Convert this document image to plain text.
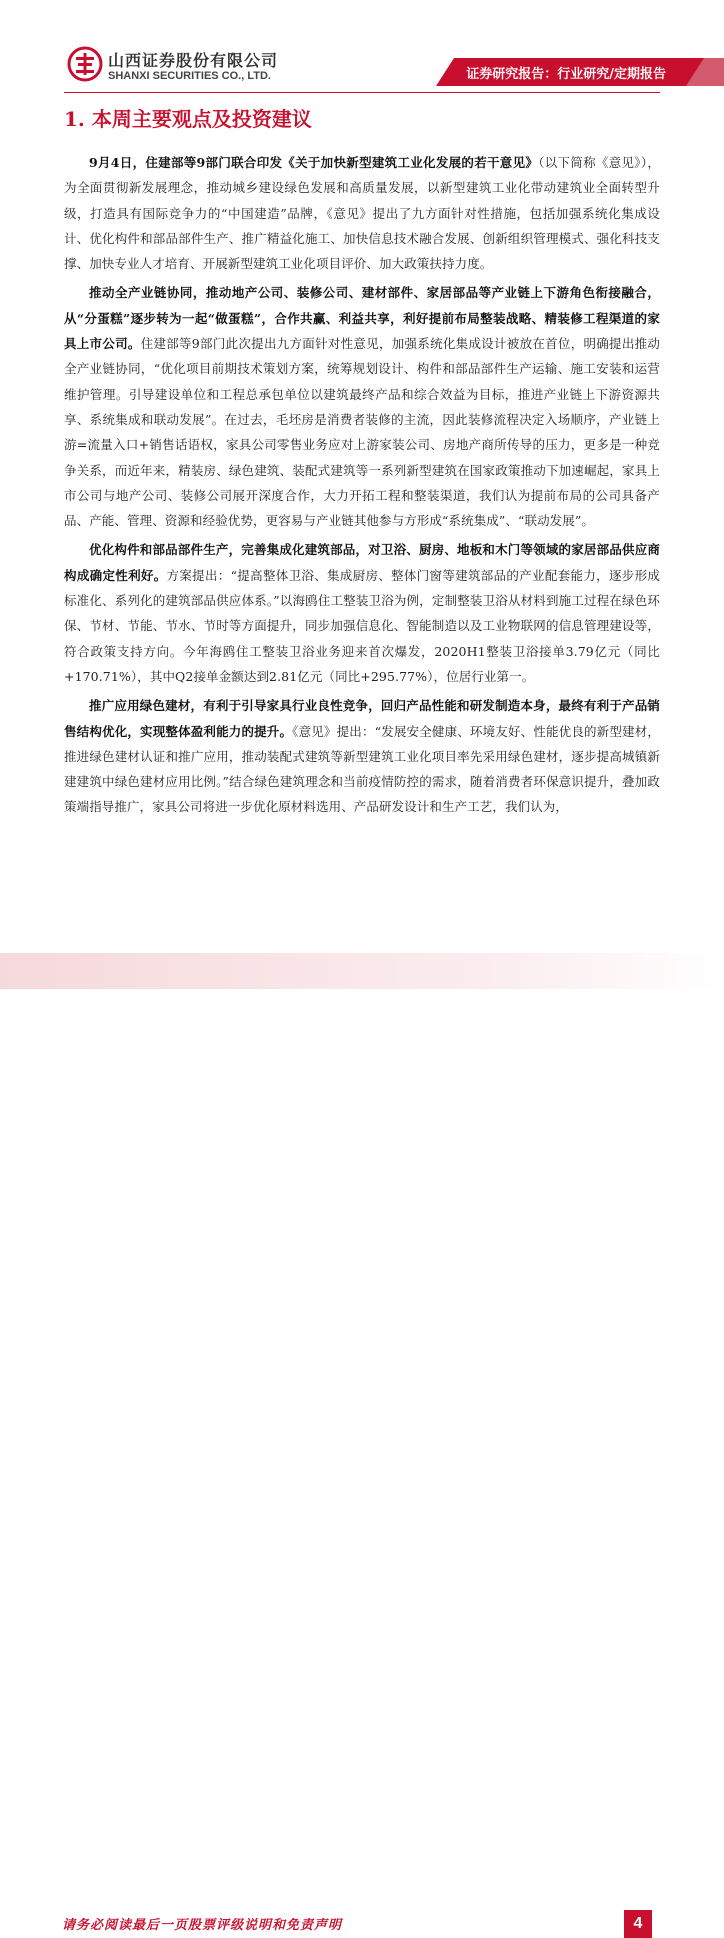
山西证券股份有限公司
SHANXI SECURITIES CO., LTD.	证券研究报告：行业研究/定期报告
1. 本周主要观点及投资建议

9月4日，住建部等9部门联合印发《关于加快新型建筑工业化发展的若干意见》（以下简称《意见》），为全面贯彻新发展理念，推动城乡建设绿色发展和高质量发展，以新型建筑工业化带动建筑业全面转型升级，打造具有国际竞争力的“中国建造”品牌，《意见》提出了九方面针对性措施，包括加强系统化集成设计、优化构件和部品部件生产、推广精益化施工、加快信息技术融合发展、创新组织管理模式、强化科技支撑、加快专业人才培育、开展新型建筑工业化项目评价、加大政策扶持力度。

推动全产业链协同，推动地产公司、装修公司、建材部件、家居部品等产业链上下游角色衔接融合，从“分蛋糕”逐步转为一起“做蛋糕”，合作共赢、利益共享，利好提前布局整装战略、精装修工程渠道的家具上市公司。住建部等9部门此次提出九方面针对性意见，加强系统化集成设计被放在首位，明确提出推动全产业链协同，“优化项目前期技术策划方案，统筹规划设计、构件和部品部件生产运输、施工安装和运营维护管理。引导建设单位和工程总承包单位以建筑最终产品和综合效益为目标，推进产业链上下游资源共享、系统集成和联动发展”。在过去，毛坯房是消费者装修的主流，因此装修流程决定入场顺序，产业链上游=流量入口+销售话语权，家具公司零售业务应对上游家装公司、房地产商所传导的压力，更多是一种竞争关系，而近年来，精装房、绿色建筑、装配式建筑等一系列新型建筑在国家政策推动下加速崛起，家具上市公司与地产公司、装修公司展开深度合作，大力开拓工程和整装渠道，我们认为提前布局的公司具备产品、产能、管理、资源和经验优势，更容易与产业链其他参与方形成“系统集成”、“联动发展”。

优化构件和部品部件生产，完善集成化建筑部品，对卫浴、厨房、地板和木门等领域的家居部品供应商构成确定性利好。方案提出：“提高整体卫浴、集成厨房、整体门窗等建筑部品的产业配套能力，逐步形成标准化、系列化的建筑部品供应体系。”以海鸥住工整装卫浴为例，定制整装卫浴从材料到施工过程在绿色环保、节材、节能、节水、节时等方面提升，同步加强信息化、智能制造以及工业物联网的信息管理建设等，符合政策支持方向。今年海鸥住工整装卫浴业务迎来首次爆发，2020H1整装卫浴接单3.79亿元（同比+170.71%），其中Q2接单金额达到2.81亿元（同比+295.77%），位居行业第一。

推广应用绿色建材，有利于引导家具行业良性竞争，回归产品性能和研发制造本身，最终有利于产品销售结构优化，实现整体盈利能力的提升。《意见》提出：“发展安全健康、环境友好、性能优良的新型建材，推进绿色建材认证和推广应用，推动装配式建筑等新型建筑工业化项目率先采用绿色建材，逐步提高城镇新建建筑中绿色建材应用比例。”结合绿色建筑理念和当前疫情防控的需求，随着消费者环保意识提升，叠加政策端指导推广，家具公司将进一步优化原材料选用、产品研发设计和生产工艺，我们认为，

请务必阅读最后一页股票评级说明和免责声明	4
